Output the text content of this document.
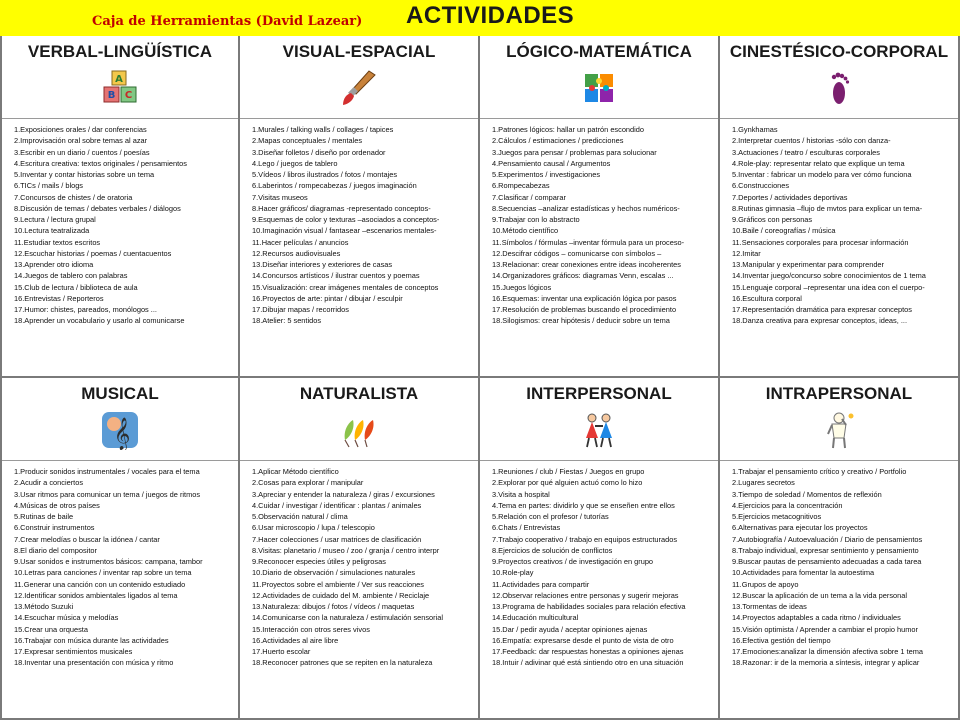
Caja de Herramientas (David Lazear) ACTIVIDADES
VERBAL-LINGÜÍSTICA
A
B C
1.Exposiciones orales / dar conferencias
2.Improvisación oral sobre temas al azar
3.Escribir en un diario / cuentos / poesías
4.Escritura creativa: textos originales / pensamientos
5.Inventar y contar historias sobre un tema
6.TICs / mails / blogs
7.Concursos de chistes / de oratoria
8.Discusión de temas / debates verbales / diálogos
9.Lectura / lectura grupal
10.Lectura teatralizada
11.Estudiar textos escritos
12.Escuchar historias / poemas / cuentacuentos
13.Aprender otro idioma
14.Juegos de tablero con palabras
15.Club de lectura / biblioteca de aula
16.Entrevistas / Reporteros
17.Humor: chistes, pareados, monólogos ...
18.Aprender un vocabulario y usarlo al comunicarse
VISUAL-ESPACIAL
1.Murales / talking walls / collages / tapices
2.Mapas conceptuales / mentales
3.Diseñar folletos / diseño por ordenador
4.Lego / juegos de tablero
5.Vídeos / libros ilustrados / fotos / montajes
6.Laberintos / rompecabezas / juegos imaginación
7.Visitas museos
8.Hacer gráficos/ diagramas -representado conceptos-
9.Esquemas de color y texturas –asociados a conceptos-
10.Imaginación visual / fantasear –escenarios mentales-
11.Hacer películas / anuncios
12.Recursos audiovisuales
13.Diseñar interiores y exteriores de casas
14.Concursos artísticos / ilustrar cuentos y poemas
15.Visualización: crear imágenes mentales de conceptos
16.Proyectos de arte: pintar / dibujar / esculpir
17.Dibujar mapas / recorridos
18.Atelier: 5 sentidos
LÓGICO-MATEMÁTICA
1.Patrones lógicos: hallar un patrón escondido
2.Cálculos / estimaciones / predicciones
3.Juegos para pensar / problemas para solucionar
4.Pensamiento causal / Argumentos
5.Experimentos / investigaciones
6.Rompecabezas
7.Clasificar / comparar
8.Secuencias –analizar estadísticas y hechos numéricos-
9.Trabajar con lo abstracto
10.Método científico
11.Símbolos / fórmulas –inventar fórmula para un proceso-
12.Descifrar códigos – comunicarse con símbolos –
13.Relacionar: crear conexiones entre ideas incoherentes
14.Organizadores gráficos: diagramas Venn, escalas ...
15.Juegos lógicos
16.Esquemas: inventar una explicación lógica por pasos
17.Resolución de problemas buscando el procedimiento
18.Silogismos: crear hipótesis / deducir sobre un tema
CINESTÉSICO-CORPORAL
1.Gynkhamas
2.Interpretar cuentos / historias -sólo con danza-
3.Actuaciones / teatro / esculturas corporales
4.Role-play: representar relato que explique un tema
5.Inventar : fabricar un modelo para ver cómo funciona
6.Construcciones
7.Deportes / actividades deportivas
8.Rutinas gimnasia –flujo de mvtos para explicar un tema-
9.Gráficos con personas
10.Baile / coreografías / música
11.Sensaciones corporales para procesar información
12.Imitar
13.Manipular y experimentar para comprender
14.Inventar juego/concurso sobre conocimientos de 1 tema
15.Lenguaje corporal –representar una idea con el cuerpo-
16.Escultura corporal
17.Representación dramática para expresar conceptos
18.Danza creativa para expresar conceptos, ideas, ...
MUSICAL
𝄞
1.Producir sonidos instrumentales / vocales para el tema
2.Acudir a conciertos
3.Usar ritmos para comunicar un tema / juegos de ritmos
4.Músicas de otros países
5.Rutinas de baile
6.Construir instrumentos
7.Crear melodías o buscar la idónea / cantar
8.El diario del compositor
9.Usar sonidos e instrumentos básicos: campana, tambor
10.Letras para canciones / inventar rap sobre un tema
11.Generar una canción con un contenido estudiado
12.Identificar sonidos ambientales ligados al tema
13.Método Suzuki
14.Escuchar música y melodías
15.Crear una orquesta
16.Trabajar con música durante las actividades
17.Expresar sentimientos musicales
18.Inventar una presentación con música y ritmo
NATURALISTA
1.Aplicar Método científico
2.Cosas para explorar / manipular
3.Apreciar y entender la naturaleza / giras / excursiones
4.Cuidar / investigar / identificar : plantas / animales
5.Observación natural / clima
6.Usar microscopio / lupa / telescopio
7.Hacer colecciones / usar matrices de clasificación
8.Visitas: planetario / museo / zoo / granja / centro interpr
9.Reconocer especies útiles y peligrosas
10.Diario de observación / simulaciones naturales
11.Proyectos sobre el ambiente / Ver sus reacciones
12.Actividades de cuidado del M. ambiente / Reciclaje
13.Naturaleza: dibujos / fotos / vídeos / maquetas
14.Comunicarse con la naturaleza / estimulación sensorial
15.Interacción con otros seres vivos
16.Actividades al aire libre
17.Huerto escolar
18.Reconocer patrones que se repiten en la naturaleza
INTERPERSONAL
1.Reuniones / club / Fiestas / Juegos en grupo
2.Explorar por qué alguien actuó como lo hizo
3.Visita a hospital
4.Tema en partes: dividirlo y que se enseñen entre ellos
5.Relación con el profesor / tutorías
6.Chats / Entrevistas
7.Trabajo cooperativo / trabajo en equipos estructurados
8.Ejercicios de solución de conflictos
9.Proyectos creativos / de investigación en grupo
10.Role-play
11.Actividades para compartir
12.Observar relaciones entre personas y sugerir mejoras
13.Programa de habilidades sociales para relación efectiva
14.Educación multicultural
15.Dar / pedir ayuda / aceptar opiniones ajenas
16.Empatía: expresarse desde el punto de vista de otro
17.Feedback: dar respuestas honestas a opiniones ajenas
18.Intuir / adivinar qué está sintiendo otro en una situación
INTRAPERSONAL
1.Trabajar el pensamiento crítico y creativo / Portfolio
2.Lugares secretos
3.Tiempo de soledad / Momentos de reflexión
4.Ejercicios para la concentración
5.Ejercicios metacognitivos
6.Alternativas para ejecutar los proyectos
7.Autobiografía / Autoevaluación / Diario de pensamientos
8.Trabajo individual, expresar sentimiento y pensamiento
9.Buscar pautas de pensamiento adecuadas a cada tarea
10.Actividades para fomentar la autoestima
11.Grupos de apoyo
12.Buscar la aplicación de un tema a la vida personal
13.Tormentas de ideas
14.Proyectos adaptables a cada ritmo / individuales
15.Visión optimista / Aprender a cambiar el propio humor
16.Efectiva gestión del tiempo
17.Emociones:analizar la dimensión afectiva sobre 1 tema
18.Razonar: ir de la memoria a síntesis, integrar y aplicar
